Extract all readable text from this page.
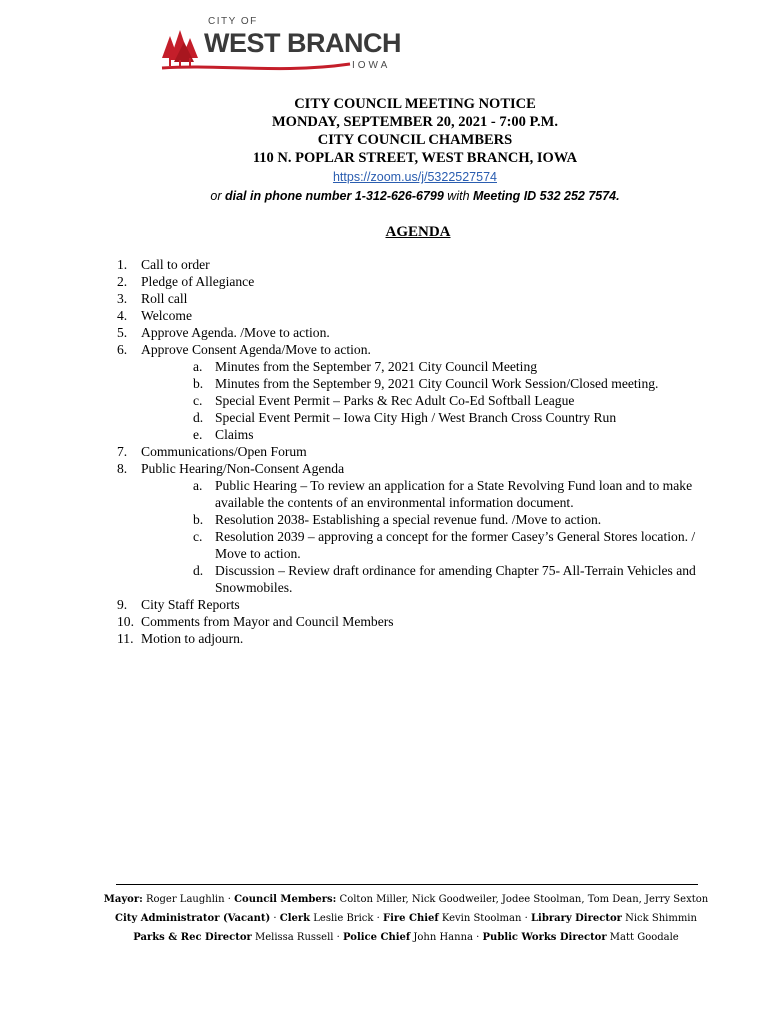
CITY OF
WEST BRANCH
IOWA
CITY COUNCIL MEETING NOTICE
MONDAY, SEPTEMBER 20, 2021 - 7:00 P.M.
CITY COUNCIL CHAMBERS
110 N. POPLAR STREET, WEST BRANCH, IOWA
https://zoom.us/j/5322527574
or dial in phone number 1-312-626-6799 with Meeting ID 532 252 7574.
AGENDA
1. Call to order
2. Pledge of Allegiance
3. Roll call
4. Welcome
5. Approve Agenda. /Move to action.
6. Approve Consent Agenda/Move to action.
a. Minutes from the September 7, 2021 City Council Meeting
b. Minutes from the September 9, 2021 City Council Work Session/Closed meeting.
c. Special Event Permit – Parks & Rec Adult Co-Ed Softball League
d. Special Event Permit – Iowa City High / West Branch Cross Country Run
e. Claims
7. Communications/Open Forum
8. Public Hearing/Non-Consent Agenda
a. Public Hearing – To review an application for a State Revolving Fund loan and to make available the contents of an environmental information document.
b. Resolution 2038- Establishing a special revenue fund. /Move to action.
c. Resolution 2039 – approving a concept for the former Casey’s General Stores location. / Move to action.
d. Discussion – Review draft ordinance for amending Chapter 75- All-Terrain Vehicles and Snowmobiles.
9. City Staff Reports
10. Comments from Mayor and Council Members
11. Motion to adjourn.
Mayor: Roger Laughlin · Council Members: Colton Miller, Nick Goodweiler, Jodee Stoolman, Tom Dean, Jerry Sexton
City Administrator (Vacant) · Clerk Leslie Brick · Fire Chief Kevin Stoolman · Library Director Nick Shimmin
Parks & Rec Director Melissa Russell · Police Chief John Hanna · Public Works Director Matt Goodale
